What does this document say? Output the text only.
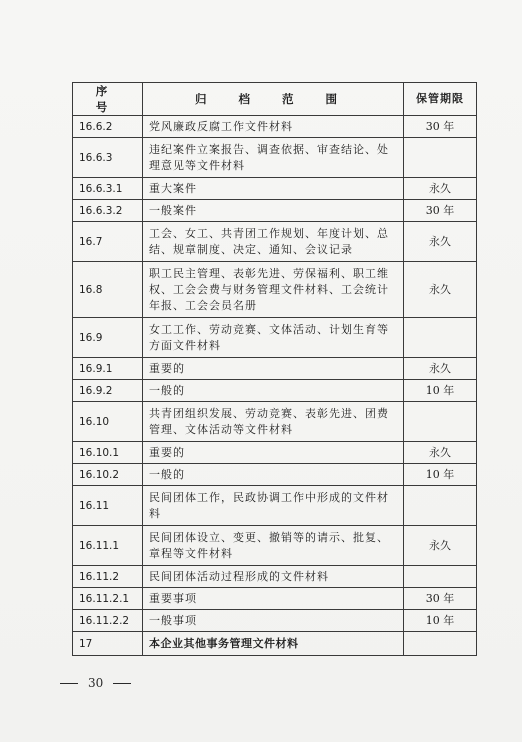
序 号	归 档 范 围	保管期限
16.6.2	党风廉政反腐工作文件材料	30 年
16.6.3	违纪案件立案报告、调查依据、审查结论、处理意见等文件材料	
16.6.3.1	重大案件	永久
16.6.3.2	一般案件	30 年
16.7	工会、女工、共青团工作规划、年度计划、总结、规章制度、决定、通知、会议记录	永久
16.8	职工民主管理、表彰先进、劳保福利、职工维权、工会会费与财务管理文件材料、工会统计年报、工会会员名册	永久
16.9	女工工作、劳动竞赛、文体活动、计划生育等方面文件材料	
16.9.1	重要的	永久
16.9.2	一般的	10 年
16.10	共青团组织发展、劳动竞赛、表彰先进、团费管理、文体活动等文件材料	
16.10.1	重要的	永久
16.10.2	一般的	10 年
16.11	民间团体工作，民政协调工作中形成的文件材料	
16.11.1	民间团体设立、变更、撤销等的请示、批复、章程等文件材料	永久
16.11.2	民间团体活动过程形成的文件材料	
16.11.2.1	重要事项	30 年
16.11.2.2	一般事项	10 年
17	本企业其他事务管理文件材料	
30
